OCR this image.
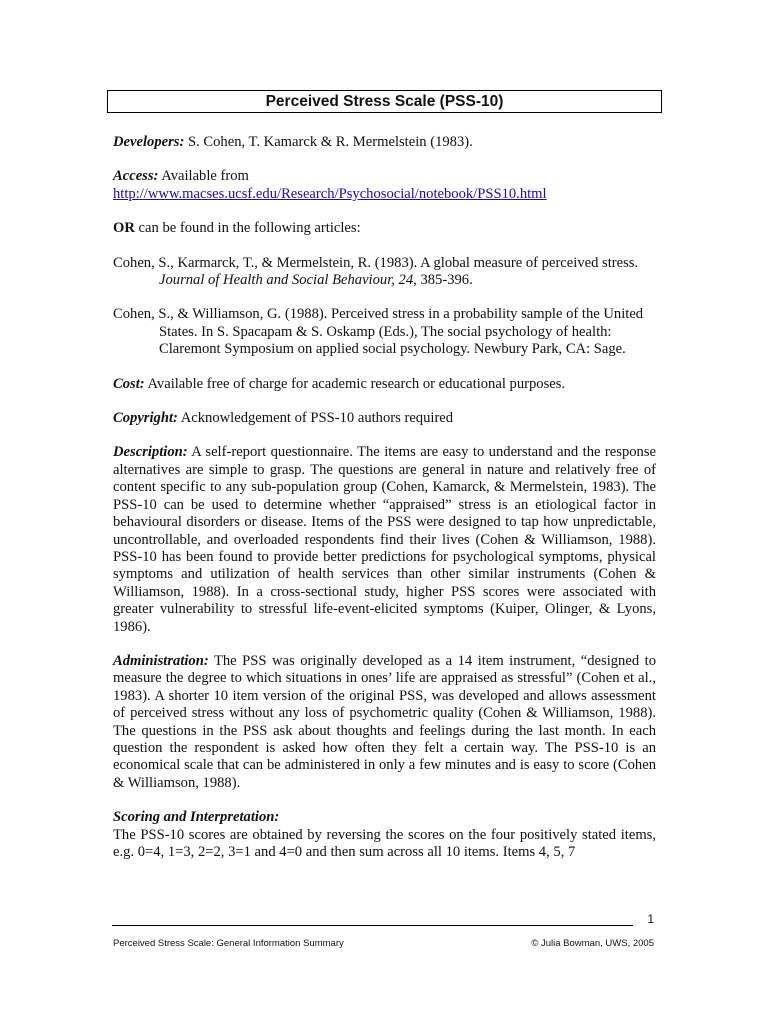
Perceived Stress Scale (PSS-10)

Developers: S. Cohen, T. Kamarck & R. Mermelstein (1983).

Access: Available from
http://www.macses.ucsf.edu/Research/Psychosocial/notebook/PSS10.html

OR can be found in the following articles:

Cohen, S., Karmarck, T., & Mermelstein, R. (1983). A global measure of perceived stress. Journal of Health and Social Behaviour, 24, 385-396.

Cohen, S., & Williamson, G. (1988). Perceived stress in a probability sample of the United States. In S. Spacapam & S. Oskamp (Eds.), The social psychology of health: Claremont Symposium on applied social psychology. Newbury Park, CA: Sage.

Cost: Available free of charge for academic research or educational purposes.

Copyright: Acknowledgement of PSS-10 authors required

Description: A self-report questionnaire. The items are easy to understand and the response alternatives are simple to grasp. The questions are general in nature and relatively free of content specific to any sub-population group (Cohen, Kamarck, & Mermelstein, 1983). The PSS-10 can be used to determine whether “appraised” stress is an etiological factor in behavioural disorders or disease. Items of the PSS were designed to tap how unpredictable, uncontrollable, and overloaded respondents find their lives (Cohen & Williamson, 1988). PSS-10 has been found to provide better predictions for psychological symptoms, physical symptoms and utilization of health services than other similar instruments (Cohen & Williamson, 1988). In a cross-sectional study, higher PSS scores were associated with greater vulnerability to stressful life-event-elicited symptoms (Kuiper, Olinger, & Lyons, 1986).

Administration: The PSS was originally developed as a 14 item instrument, “designed to measure the degree to which situations in ones’ life are appraised as stressful” (Cohen et al., 1983). A shorter 10 item version of the original PSS, was developed and allows assessment of perceived stress without any loss of psychometric quality (Cohen & Williamson, 1988). The questions in the PSS ask about thoughts and feelings during the last month. In each question the respondent is asked how often they felt a certain way. The PSS-10 is an economical scale that can be administered in only a few minutes and is easy to score (Cohen & Williamson, 1988).

Scoring and Interpretation:

The PSS-10 scores are obtained by reversing the scores on the four positively stated items, e.g. 0=4, 1=3, 2=2, 3=1 and 4=0 and then sum across all 10 items. Items 4, 5, 7

1
Perceived Stress Scale: General Information Summary	© Julia Bowman, UWS, 2005
